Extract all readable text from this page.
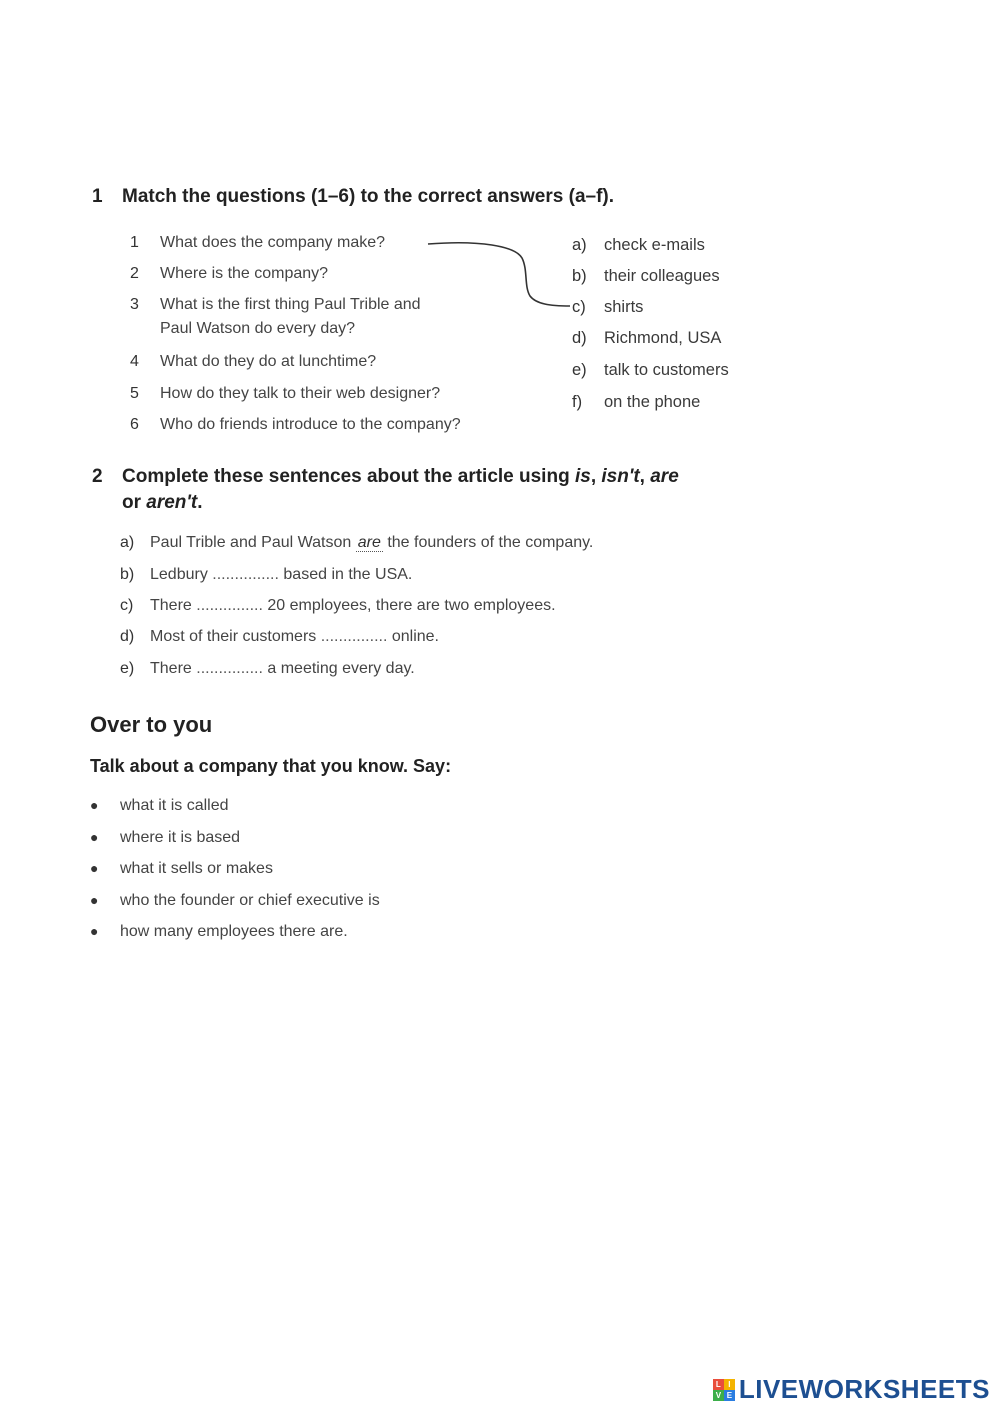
1 Match the questions (1–6) to the correct answers (a–f).
1 What does the company make?
2 Where is the company?
3 What is the first thing Paul Trible and
Paul Watson do every day?
4 What do they do at lunchtime?
5 How do they talk to their web designer?
6 Who do friends introduce to the company?
a) check e-mails
b) their colleagues
c) shirts
d) Richmond, USA
e) talk to customers
f) on the phone
2 Complete these sentences about the article using is, isn't, are
or aren't.
a) Paul Trible and Paul Watson are the founders of the company.
b) Ledbury ............... based in the USA.
c) There ............... 20 employees, there are two employees.
d) Most of their customers ............... online.
e) There ............... a meeting every day.
Over to you
Talk about a company that you know. Say:
● what it is called
● where it is based
● what it sells or makes
● who the founder or chief executive is
● how many employees there are.
L I
V E LIVEWORKSHEETS
